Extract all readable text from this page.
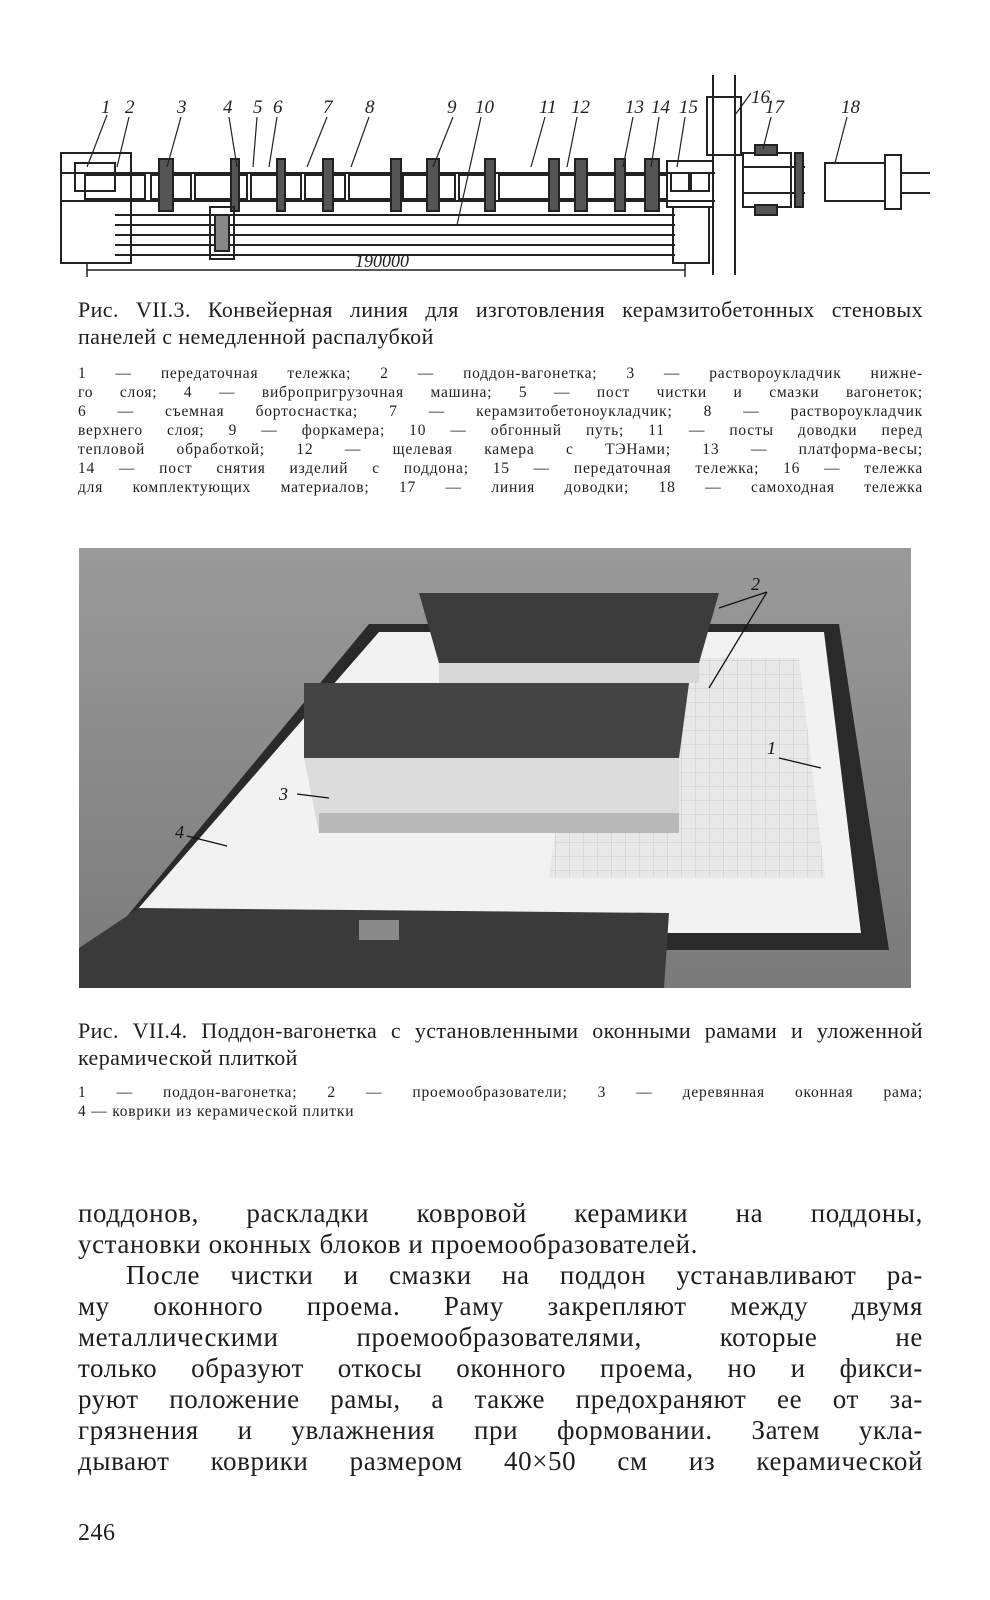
1 2 3 4 5 6 7 8	9 10 11 12 13 14 15	16
17	18
190000
Рис. VII.3. Конвейерная линия для изготовления керамзитобетонных стеновых панелей с немедленной распалубкой
1 — передаточная тележка; 2 — поддон-вагонетка; 3 — раствороукладчик нижне-
го слоя; 4 — вибропригрузочная машина; 5 — пост чистки и смазки вагонеток;
6 — съемная бортоснастка; 7 — керамзитобетоноукладчик; 8 — раствороукладчик
верхнего слоя; 9 — форкамера; 10 — обгонный путь; 11 — посты доводки перед
тепловой обработкой; 12 — щелевая камера с ТЭНами; 13 — платформа-весы;
14 — пост снятия изделий с поддона; 15 — передаточная тележка; 16 — тележка
для комплектующих материалов; 17 — линия доводки; 18 — самоходная тележка
2
1
3
4
Рис. VII.4. Поддон-вагонетка с установленными оконными рамами и уложенной керамической плиткой
1 — поддон-вагонетка; 2 — проемообразователи; 3 — деревянная оконная рама;
4 — коврики из керамической плитки

поддонов, раскладки ковровой керамики на поддоны,

установки оконных блоков и проемообразователей.

После чистки и смазки на поддон устанавливают ра-

му оконного проема. Раму закрепляют между двумя

металлическими проемообразователями, которые не

только образуют откосы оконного проема, но и фикси-

руют положение рамы, а также предохраняют ее от за-

грязнения и увлажнения при формовании. Затем укла-

дывают коврики размером 40×50 см из керамической

246
